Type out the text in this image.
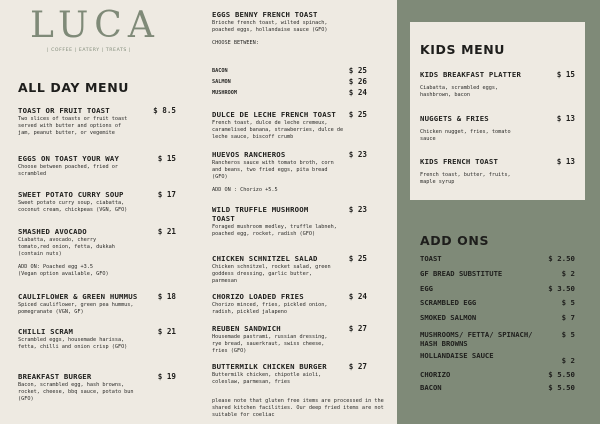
LUCA
| COFFEE | EATERY | TREATS |
ALL DAY MENU
TOAST OR FRUIT TOAST	$ 8.5
Two slices of toasts or fruit toast served with butter and options of jam, peanut butter, or vegemite
EGGS ON TOAST YOUR WAY	$ 15
Choose between poached, fried or scrambled
SWEET POTATO CURRY SOUP	$ 17
Sweet potato curry soup, ciabatta, coconut cream, chickpeas (VGN, GFO)
SMASHED AVOCADO	$ 21
Ciabatta, avocado, cherry tomato,red onion, fetta, dukkah (contain nuts)
ADD ON: Poached egg +3.5
(Vegan option available, GFO)
CAULIFLOWER & GREEN HUMMUS	$ 18
Spiced cauliflower, green pea hummus, pomegranate (VGN, GF)
CHILLI SCRAM	$ 21
Scrambled eggs, housemade harissa, fetta, chilli and onion crisp (GFO)
BREAKFAST BURGER	$ 19
Bacon, scrambled egg, hash browns, rocket, cheese, bbq sauce, potato bun (GFO)
EGGS BENNY FRENCH TOAST
Brioche french toast, wilted spinach, poached eggs, hollandaise sauce (GFO)
CHOOSE BETWEEN:
BACON	$ 25
SALMON	$ 26
MUSHROOM	$ 24
DULCE DE LECHE FRENCH TOAST $ 25
French toast, dulce de leche cremeux, caramelised banana, strawberries, dulce de leche sauce, biscoff crumb
HUEVOS RANCHEROS	$ 23
Rancheros sauce with tomato broth, corn and beans, two fried eggs, pita bread (GFO)
ADD ON : Chorizo +5.5
WILD TRUFFLE MUSHROOM TOAST
$ 23
Foraged mushroom medley, truffle labneh, poached egg, rocket, radish (GFO)
CHICKEN SCHNITZEL SALAD	$ 25
Chicken schnitzel, rocket salad, green goddess dressing, garlic butter, parmesan
CHORIZO LOADED FRIES	$ 24
Chorizo minced, fries, pickled onion, radish, pickled jalapeno
REUBEN SANDWICH	$ 27
Housemade pastrami, russian dressing, rye bread, sauerkraut, swiss cheese, fries (GFO)
BUTTERMILK CHICKEN BURGER	$ 27
Buttermilk chicken, chipotle aioli, coleslaw, parmesan, fries
please note that gluten free items are processed in the shared kitchen facilities. Our deep fried items are not suitable for coeliac
KIDS MENU
KIDS BREAKFAST PLATTER	$ 15
Ciabatta, scrambled eggs, hashbrown, bacon
NUGGETS & FRIES	$ 13
Chicken nugget, fries, tomato sauce
KIDS FRENCH TOAST	$ 13
French toast, butter, fruits, maple syrup
ADD ONS
TOAST	$ 2.50
GF BREAD SUBSTITUTE	$ 2
EGG	$ 3.50
SCRAMBLED EGG	$ 5
SMOKED SALMON	$ 7
MUSHROOMS/ FETTA/ SPINACH/ HASH BROWNS
$ 5
HOLLANDAISE SAUCE
$ 2
CHORIZO	$ 5.50
BACON	$ 5.50
